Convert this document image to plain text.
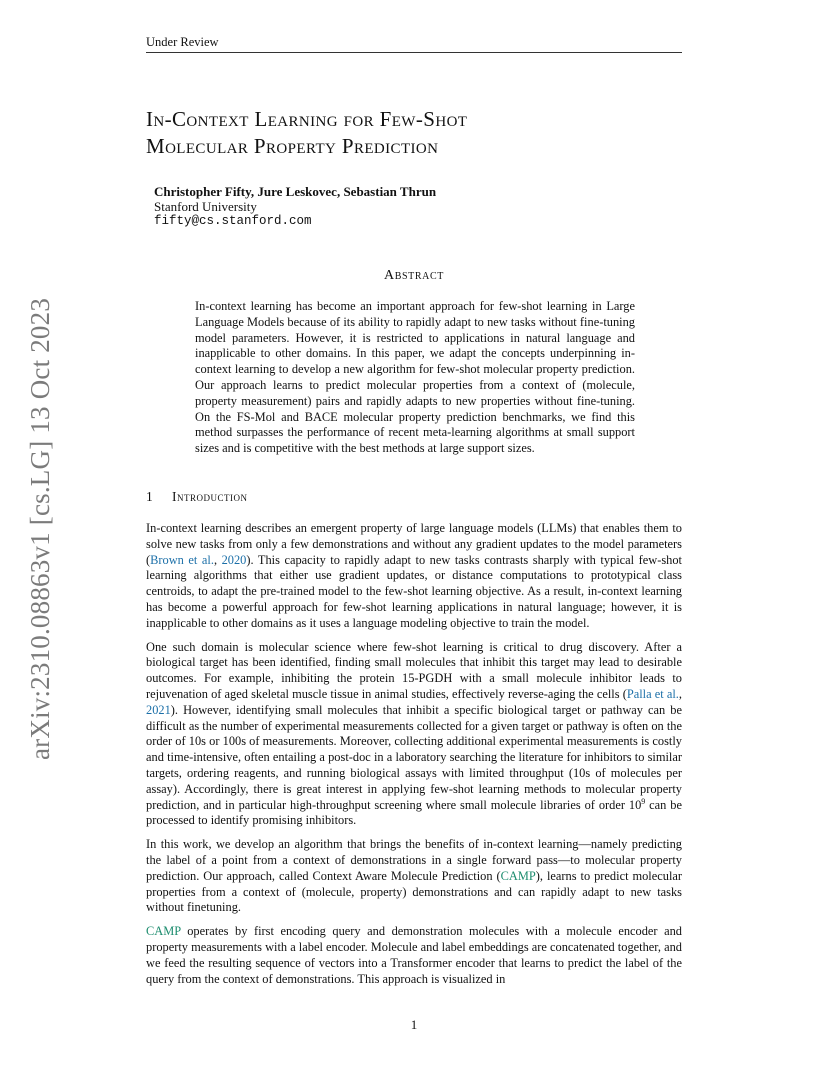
Under Review
arXiv:2310.08863v1 [cs.LG] 13 Oct 2023
In-Context Learning for Few-Shot
Molecular Property Prediction
Christopher Fifty, Jure Leskovec, Sebastian Thrun
Stanford University
fifty@cs.stanford.com
Abstract
In-context learning has become an important approach for few-shot learning in Large Language Models because of its ability to rapidly adapt to new tasks without fine-tuning model parameters. However, it is restricted to applications in natural language and inapplicable to other domains. In this paper, we adapt the concepts underpinning in-context learning to develop a new algorithm for few-shot molecular property prediction. Our approach learns to predict molecular properties from a context of (molecule, property measurement) pairs and rapidly adapts to new properties without fine-tuning. On the FS-Mol and BACE molecular property prediction benchmarks, we find this method surpasses the performance of recent meta-learning algorithms at small support sizes and is competitive with the best methods at large support sizes.
1 Introduction

In-context learning describes an emergent property of large language models (LLMs) that enables them to solve new tasks from only a few demonstrations and without any gradient updates to the model parameters (Brown et al., 2020). This capacity to rapidly adapt to new tasks contrasts sharply with typical few-shot learning algorithms that either use gradient updates, or distance computations to prototypical class centroids, to adapt the pre-trained model to the few-shot learning objective. As a result, in-context learning has become a powerful approach for few-shot learning applications in natural language; however, it is inapplicable to other domains as it uses a language modeling objective to train the model.

One such domain is molecular science where few-shot learning is critical to drug discovery. After a biological target has been identified, finding small molecules that inhibit this target may lead to desirable outcomes. For example, inhibiting the protein 15-PGDH with a small molecule inhibitor leads to rejuvenation of aged skeletal muscle tissue in animal studies, effectively reverse-aging the cells (Palla et al., 2021). However, identifying small molecules that inhibit a specific biological target or pathway can be difficult as the number of experimental measurements collected for a given target or pathway is often on the order of 10s or 100s of measurements. Moreover, collecting additional experimental measurements is costly and time-intensive, often entailing a post-doc in a laboratory searching the literature for inhibitors to similar targets, ordering reagents, and running biological assays with limited throughput (10s of molecules per assay). Accordingly, there is great interest in applying few-shot learning methods to molecular property prediction, and in particular high-throughput screening where small molecule libraries of order $10^9$ can be processed to identify promising inhibitors.

In this work, we develop an algorithm that brings the benefits of in-context learning—namely predicting the label of a point from a context of demonstrations in a single forward pass—to molecular property prediction. Our approach, called Context Aware Molecule Prediction (CAMP), learns to predict molecular properties from a context of (molecule, property) demonstrations and can rapidly adapt to new tasks without finetuning.

CAMP operates by first encoding query and demonstration molecules with a molecule encoder and property measurements with a label encoder. Molecule and label embeddings are concatenated together, and we feed the resulting sequence of vectors into a Transformer encoder that learns to predict the label of the query from the context of demonstrations. This approach is visualized in

1
